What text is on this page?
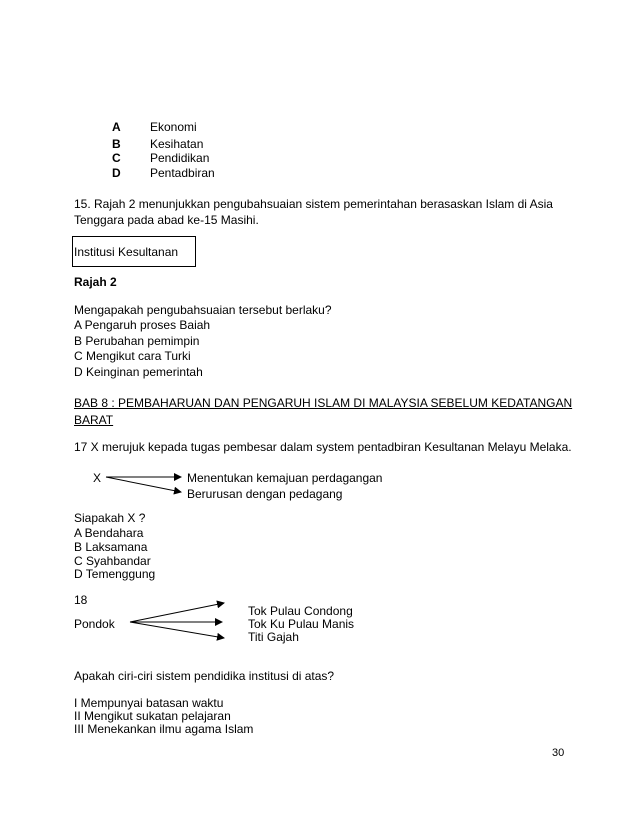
A Ekonomi
B Kesihatan
C Pendidikan
D Pentadbiran
15. Rajah 2 menunjukkan pengubahsuaian sistem pemerintahan berasaskan Islam di Asia
Tenggara pada abad ke-15 Masihi.
Institusi Kesultanan
Rajah 2
Mengapakah pengubahsuaian tersebut berlaku?
A Pengaruh proses Baiah
B Perubahan pemimpin
C Mengikut cara Turki
D Keinginan pemerintah
BAB 8 : PEMBAHARUAN DAN PENGARUH ISLAM DI MALAYSIA SEBELUM KEDATANGAN
BARAT
17 X merujuk kepada tugas pembesar dalam system pentadbiran Kesultanan Melayu Melaka.
X	Menentukan kemajuan perdagangan
Berurusan dengan pedagang
Siapakah X ?
A Bendahara
B Laksamana
C Syahbandar
D Temenggung
18
Tok Pulau Condong
Pondok	Tok Ku Pulau Manis
Titi Gajah
Apakah ciri-ciri sistem pendidika institusi di atas?
I Mempunyai batasan waktu
II Mengikut sukatan pelajaran
III Menekankan ilmu agama Islam
30
